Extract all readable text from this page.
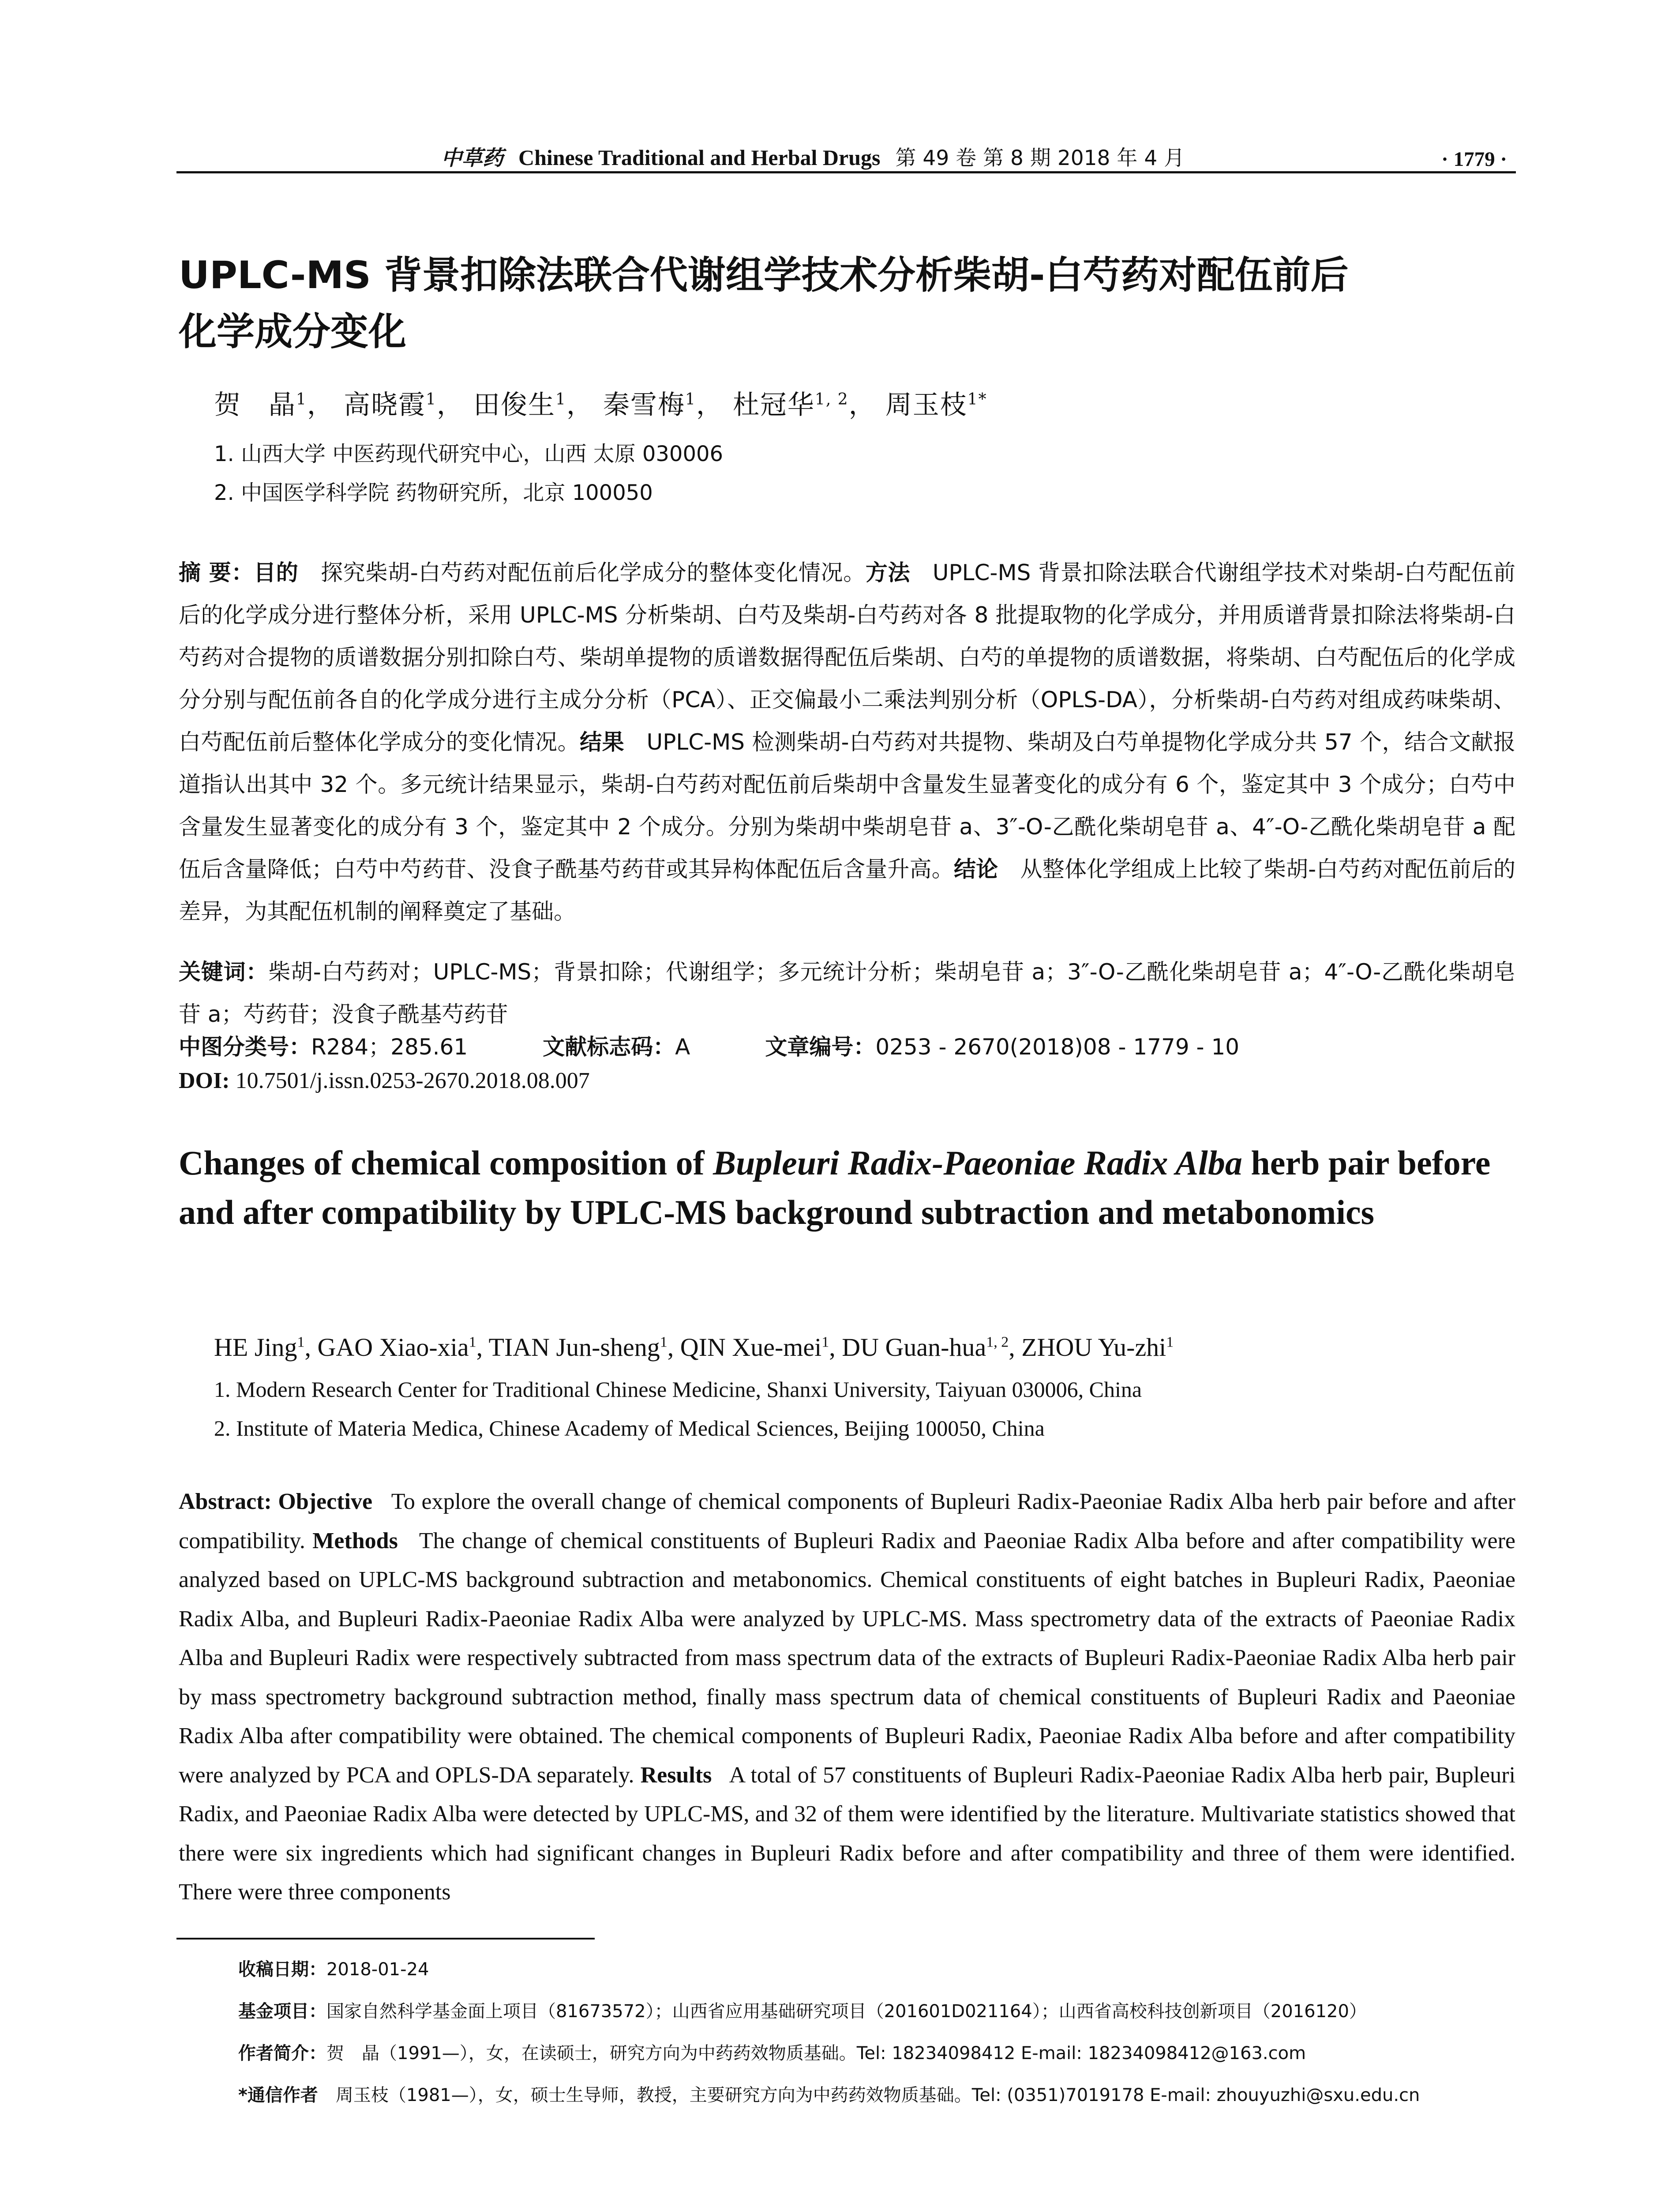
中草药 Chinese Traditional and Herbal Drugs 第 49 卷 第 8 期 2018 年 4 月	· 1779 ·
UPLC-MS 背景扣除法联合代谢组学技术分析柴胡-白芍药对配伍前后
化学成分变化
贺　晶$^1$， 高晓霞$^1$， 田俊生$^1$， 秦雪梅$^1$， 杜冠华$^{1, 2}$， 周玉枝$^{1*}$
1. 山西大学 中医药现代研究中心，山西 太原 030006
2. 中国医学科学院 药物研究所，北京 100050
摘 要：目的　 探究柴胡-白芍药对配伍前后化学成分的整体变化情况。方法　 UPLC-MS 背景扣除法联合代谢组学技术对柴胡-白芍配伍前后的化学成分进行整体分析，采用 UPLC-MS 分析柴胡、白芍及柴胡-白芍药对各 8 批提取物的化学成分，并用质谱背景扣除法将柴胡-白芍药对合提物的质谱数据分别扣除白芍、柴胡单提物的质谱数据得配伍后柴胡、白芍的单提物的质谱数据，将柴胡、白芍配伍后的化学成分分别与配伍前各自的化学成分进行主成分分析（PCA）、正交偏最小二乘法判别分析（OPLS-DA），分析柴胡-白芍药对组成药味柴胡、白芍配伍前后整体化学成分的变化情况。结果　 UPLC-MS 检测柴胡-白芍药对共提物、柴胡及白芍单提物化学成分共 57 个，结合文献报道指认出其中 32 个。多元统计结果显示，柴胡-白芍药对配伍前后柴胡中含量发生显著变化的成分有 6 个，鉴定其中 3 个成分；白芍中含量发生显著变化的成分有 3 个，鉴定其中 2 个成分。分别为柴胡中柴胡皂苷 a、3″-O-乙酰化柴胡皂苷 a、4″-O-乙酰化柴胡皂苷 a 配伍后含量降低；白芍中芍药苷、没食子酰基芍药苷或其异构体配伍后含量升高。结论　 从整体化学组成上比较了柴胡-白芍药对配伍前后的差异，为其配伍机制的阐释奠定了基础。
关键词：柴胡-白芍药对；UPLC-MS；背景扣除；代谢组学；多元统计分析；柴胡皂苷 a；3″-O-乙酰化柴胡皂苷 a；4″-O-乙酰化柴胡皂苷 a；芍药苷；没食子酰基芍药苷
中图分类号：R284；285.61	文献标志码：A	文章编号：0253 - 2670(2018)08 - 1779 - 10
DOI: 10.7501/j.issn.0253-2670.2018.08.007
Changes of chemical composition of Bupleuri Radix-Paeoniae Radix Alba herb pair before and after compatibility by UPLC-MS background subtraction and metabonomics
HE Jing$^1$, GAO Xiao-xia$^1$, TIAN Jun-sheng$^1$, QIN Xue-mei$^1$, DU Guan-hua$^{1, 2}$, ZHOU Yu-zhi$^1$
1. Modern Research Center for Traditional Chinese Medicine, Shanxi University, Taiyuan 030006, China
2. Institute of Materia Medica, Chinese Academy of Medical Sciences, Beijing 100050, China
Abstract: Objective To explore the overall change of chemical components of Bupleuri Radix-Paeoniae Radix Alba herb pair before and after compatibility. Methods The change of chemical constituents of Bupleuri Radix and Paeoniae Radix Alba before and after compatibility were analyzed based on UPLC-MS background subtraction and metabonomics. Chemical constituents of eight batches in Bupleuri Radix, Paeoniae Radix Alba, and Bupleuri Radix-Paeoniae Radix Alba were analyzed by UPLC-MS. Mass spectrometry data of the extracts of Paeoniae Radix Alba and Bupleuri Radix were respectively subtracted from mass spectrum data of the extracts of Bupleuri Radix-Paeoniae Radix Alba herb pair by mass spectrometry background subtraction method, finally mass spectrum data of chemical constituents of Bupleuri Radix and Paeoniae Radix Alba after compatibility were obtained. The chemical components of Bupleuri Radix, Paeoniae Radix Alba before and after compatibility were analyzed by PCA and OPLS-DA separately. Results A total of 57 constituents of Bupleuri Radix-Paeoniae Radix Alba herb pair, Bupleuri Radix, and Paeoniae Radix Alba were detected by UPLC-MS, and 32 of them were identified by the literature. Multivariate statistics showed that there were six ingredients which had significant changes in Bupleuri Radix before and after compatibility and three of them were identified. There were three components
收稿日期：2018-01-24
基金项目：国家自然科学基金面上项目（81673572）；山西省应用基础研究项目（201601D021164）；山西省高校科技创新项目（2016120）
作者简介：贺　晶（1991—），女，在读硕士，研究方向为中药药效物质基础。Tel: 18234098412 E-mail: 18234098412@163.com
*通信作者　 周玉枝（1981—），女，硕士生导师，教授，主要研究方向为中药药效物质基础。Tel: (0351)7019178 E-mail: zhouyuzhi@sxu.edu.cn
